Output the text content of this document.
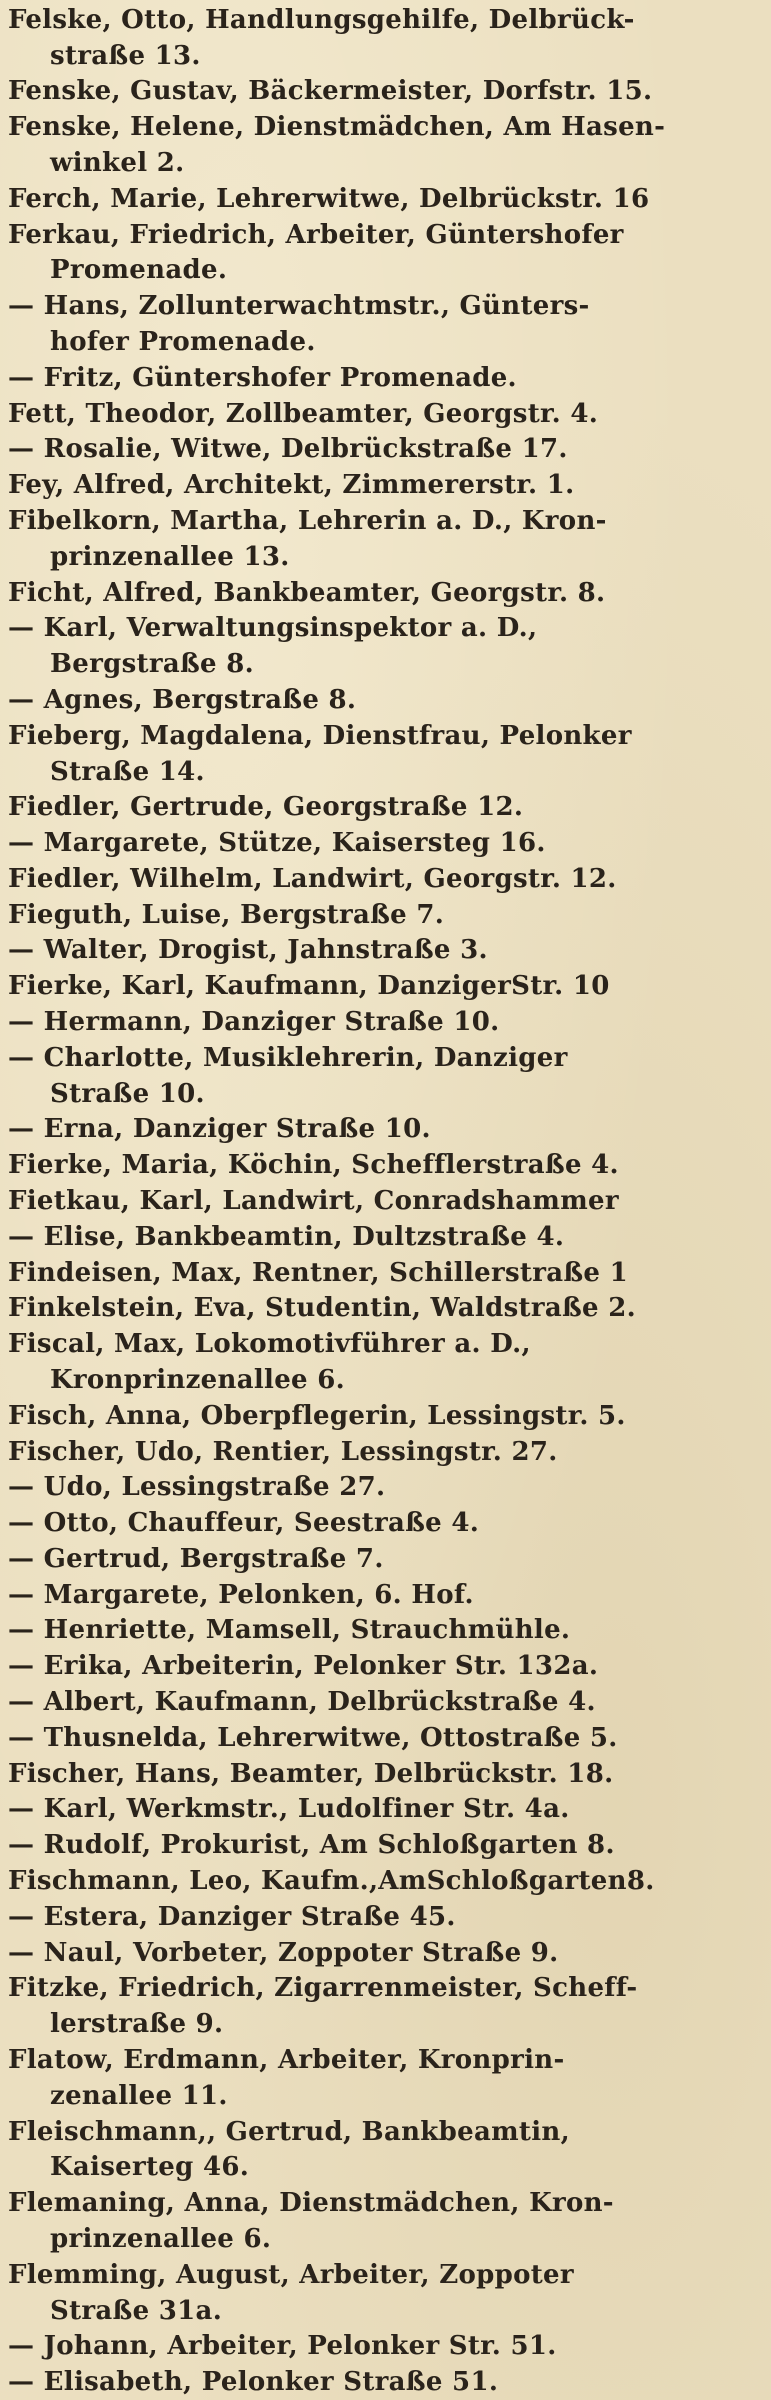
Felske, Otto, Handlungsgehilfe, Delbrück-
straße 13.
Fenske, Gustav, Bäckermeister, Dorfstr. 15.
Fenske, Helene, Dienstmädchen, Am Hasen-
winkel 2.
Ferch, Marie, Lehrerwitwe, Delbrückstr. 16
Ferkau, Friedrich, Arbeiter, Güntershofer
Promenade.
— Hans, Zollunterwachtmstr., Günters-
hofer Promenade.
— Fritz, Güntershofer Promenade.
Fett, Theodor, Zollbeamter, Georgstr. 4.
— Rosalie, Witwe, Delbrückstraße 17.
Fey, Alfred, Architekt, Zimmererstr. 1.
Fibelkorn, Martha, Lehrerin a. D., Kron-
prinzenallee 13.
Ficht, Alfred, Bankbeamter, Georgstr. 8.
— Karl, Verwaltungsinspektor a. D.,
Bergstraße 8.
— Agnes, Bergstraße 8.
Fieberg, Magdalena, Dienstfrau, Pelonker
Straße 14.
Fiedler, Gertrude, Georgstraße 12.
— Margarete, Stütze, Kaisersteg 16.
Fiedler, Wilhelm, Landwirt, Georgstr. 12.
Fieguth, Luise, Bergstraße 7.
— Walter, Drogist, Jahnstraße 3.
Fierke, Karl, Kaufmann, DanzigerStr. 10
— Hermann, Danziger Straße 10.
— Charlotte, Musiklehrerin, Danziger
Straße 10.
— Erna, Danziger Straße 10.
Fierke, Maria, Köchin, Schefflerstraße 4.
Fietkau, Karl, Landwirt, Conradshammer
— Elise, Bankbeamtin, Dultzstraße 4.
Findeisen, Max, Rentner, Schillerstraße 1
Finkelstein, Eva, Studentin, Waldstraße 2.
Fiscal, Max, Lokomotivführer a. D.,
Kronprinzenallee 6.
Fisch, Anna, Oberpflegerin, Lessingstr. 5.
Fischer, Udo, Rentier, Lessingstr. 27.
— Udo, Lessingstraße 27.
— Otto, Chauffeur, Seestraße 4.
— Gertrud, Bergstraße 7.
— Margarete, Pelonken, 6. Hof.
— Henriette, Mamsell, Strauchmühle.
— Erika, Arbeiterin, Pelonker Str. 132a.
— Albert, Kaufmann, Delbrückstraße 4.
— Thusnelda, Lehrerwitwe, Ottostraße 5.
Fischer, Hans, Beamter, Delbrückstr. 18.
— Karl, Werkmstr., Ludolfiner Str. 4a.
— Rudolf, Prokurist, Am Schloßgarten 8.
Fischmann, Leo, Kaufm.,AmSchloßgarten8.
— Estera, Danziger Straße 45.
— Naul, Vorbeter, Zoppoter Straße 9.
Fitzke, Friedrich, Zigarrenmeister, Scheff-
lerstraße 9.
Flatow, Erdmann, Arbeiter, Kronprin-
zenallee 11.
Fleischmann,, Gertrud, Bankbeamtin,
Kaiserteg 46.
Flemaning, Anna, Dienstmädchen, Kron-
prinzenallee 6.
Flemming, August, Arbeiter, Zoppoter
Straße 31a.
— Johann, Arbeiter, Pelonker Str. 51.
— Elisabeth, Pelonker Straße 51.
